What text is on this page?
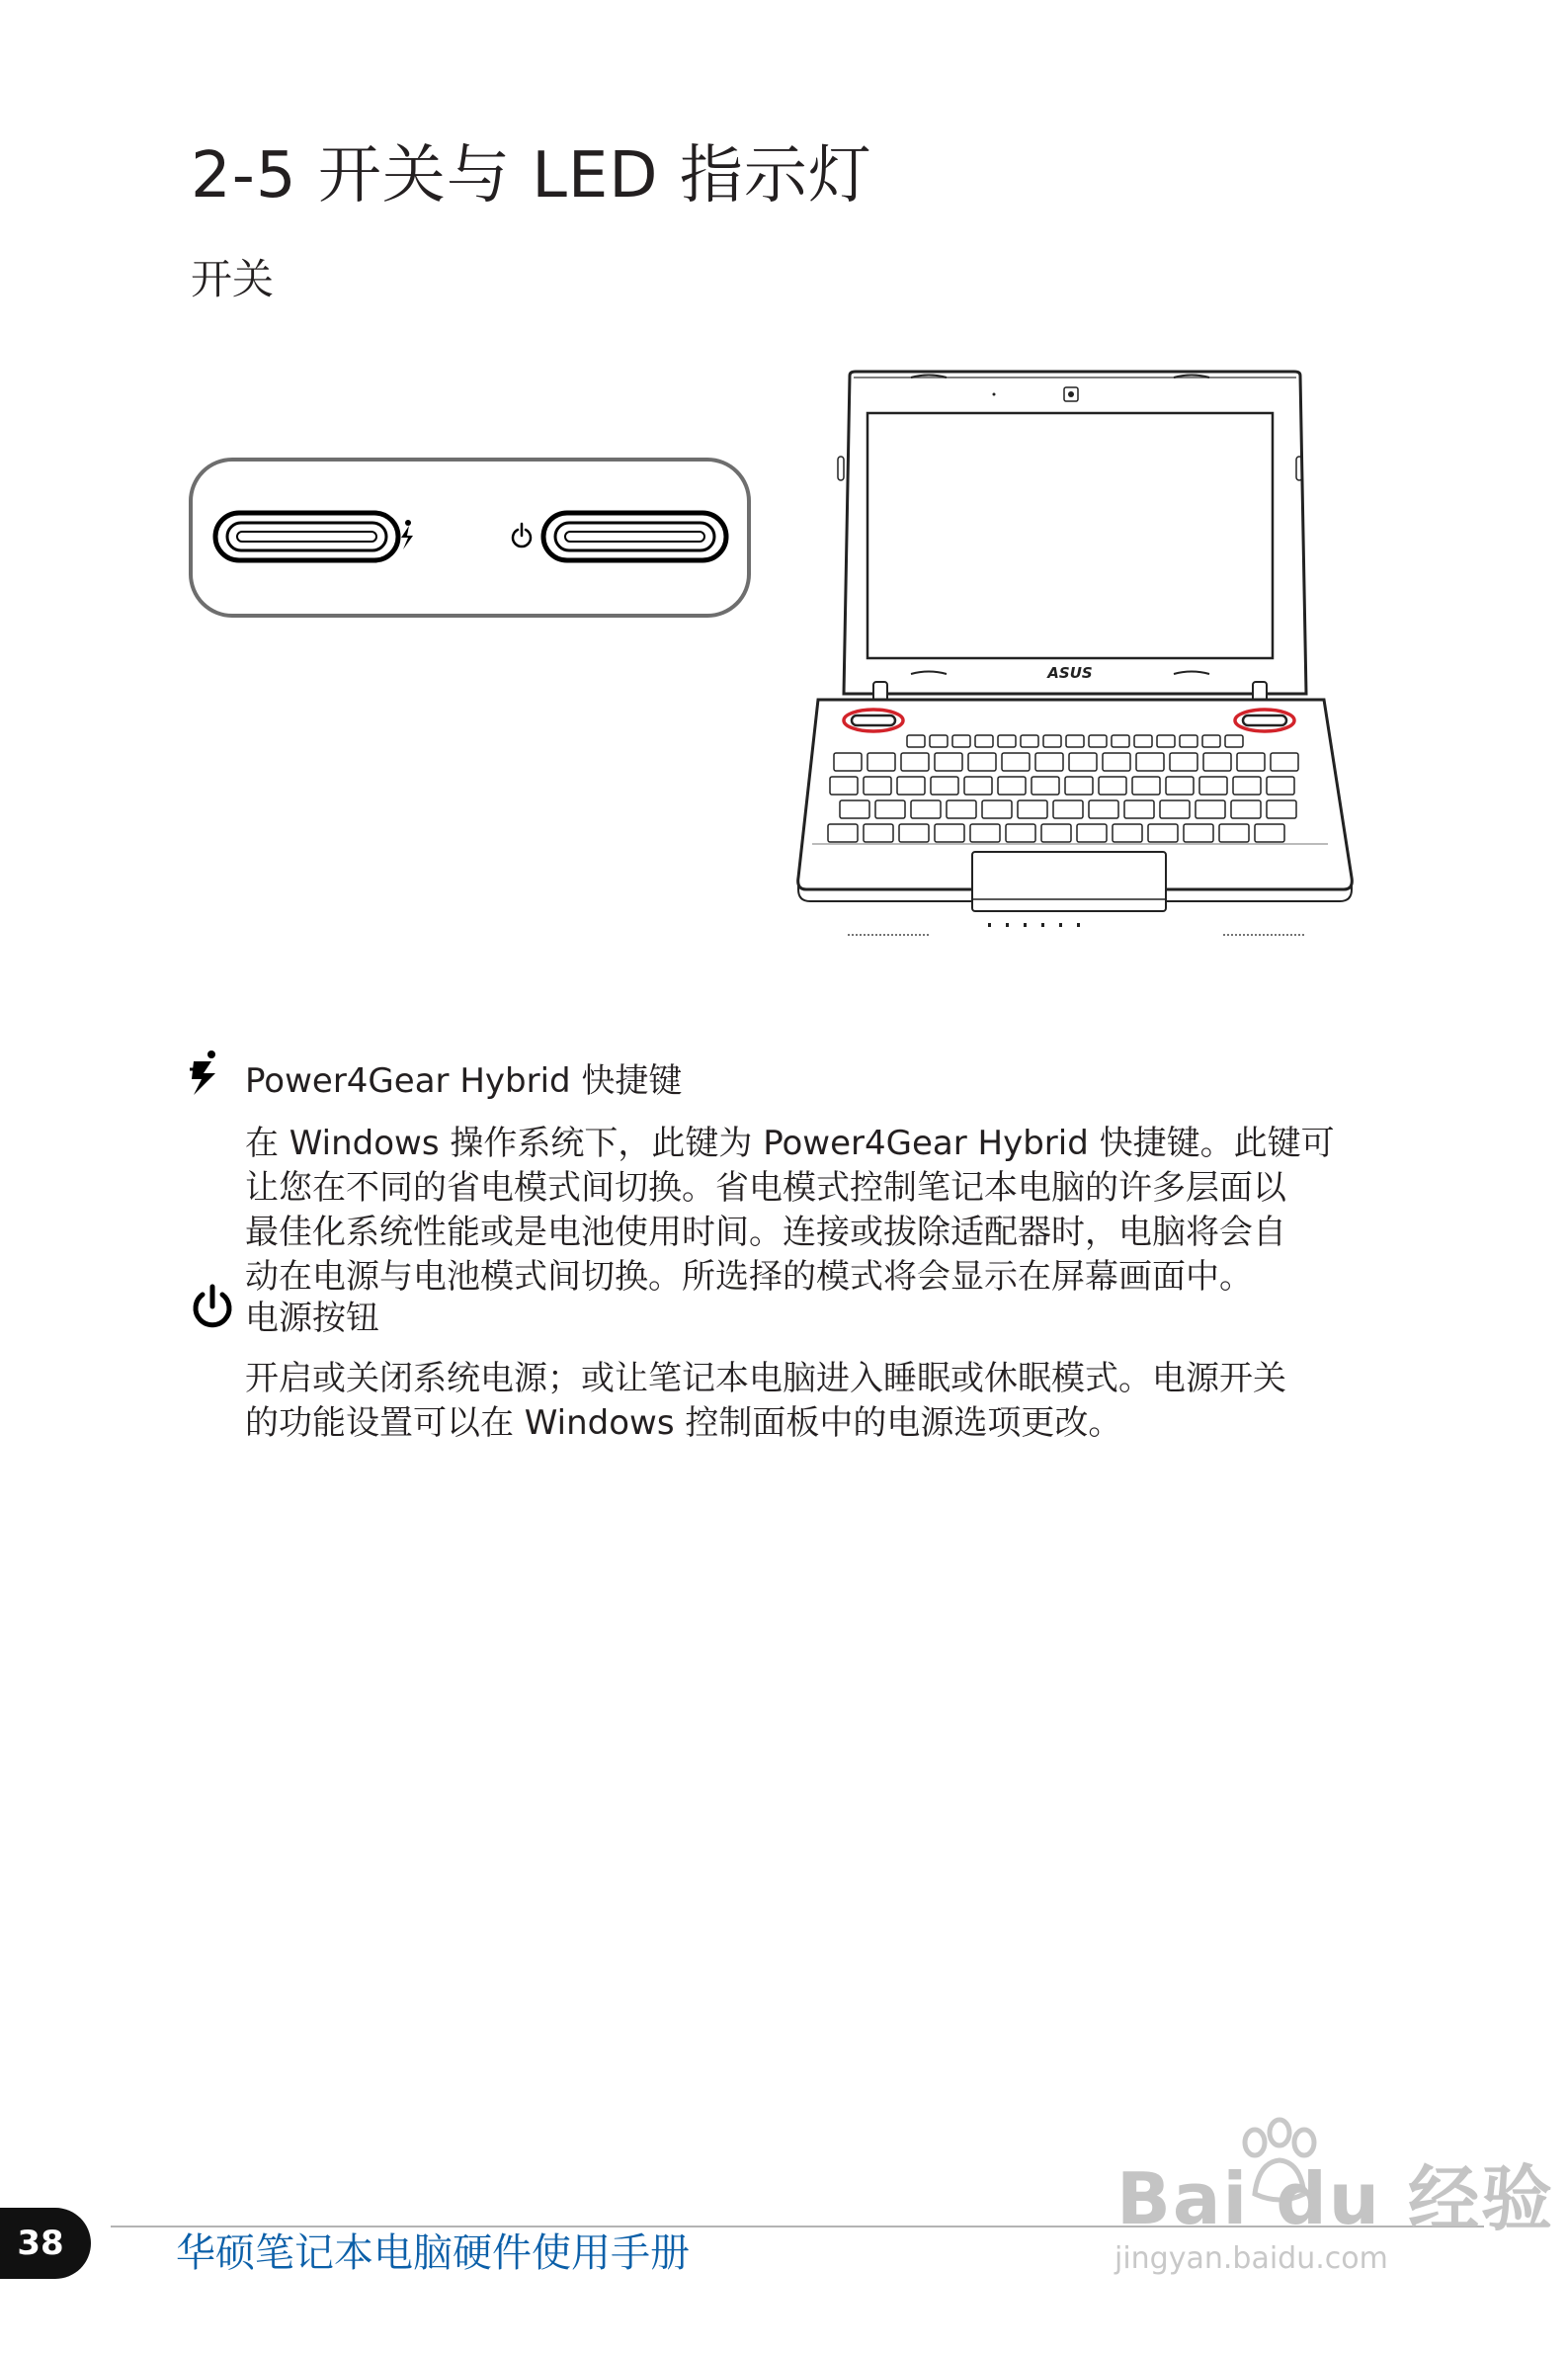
2-5 开关与 LED 指示灯
开关
ASUS
Power4Gear Hybrid 快捷键
在 Windows 操作系统下，此键为 Power4Gear Hybrid 快捷键。此键可
让您在不同的省电模式间切换。省电模式控制笔记本电脑的许多层面以
最佳化系统性能或是电池使用时间。连接或拔除适配器时，电脑将会自
动在电源与电池模式间切换。所选择的模式将会显示在屏幕画面中。
电源按钮
开启或关闭系统电源；或让笔记本电脑进入睡眠或休眠模式。电源开关
的功能设置可以在 Windows 控制面板中的电源选项更改。
38	华硕笔记本电脑硬件使用手册
Bai du 经验
jingyan.baidu.com
